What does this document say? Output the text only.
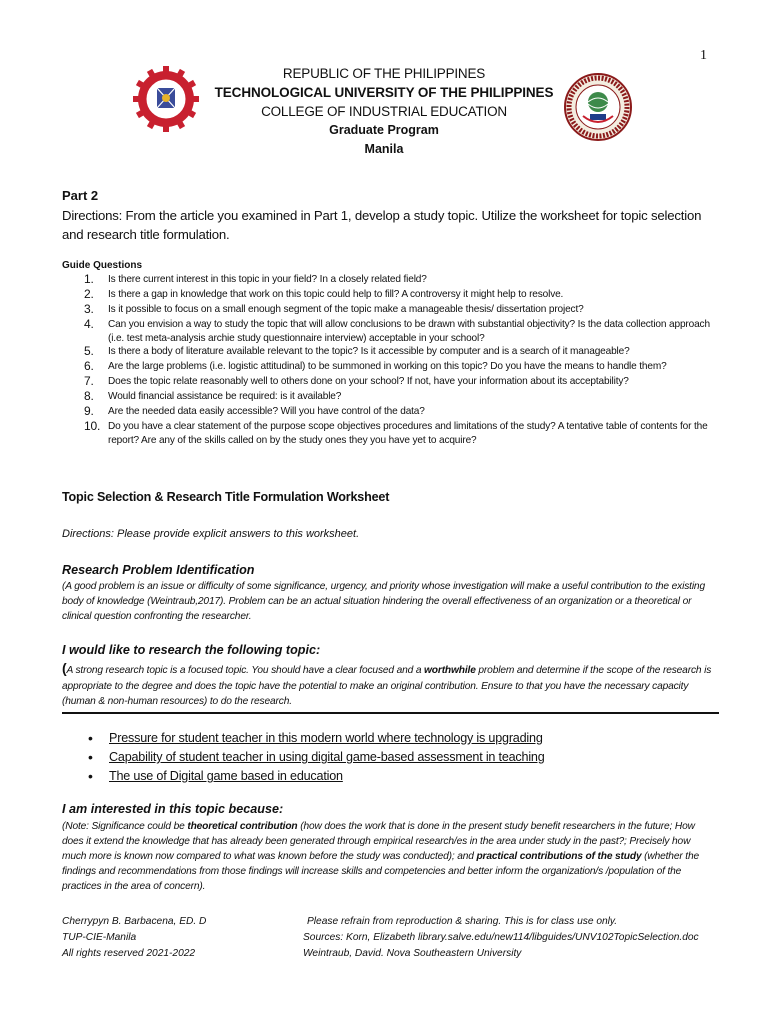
1
REPUBLIC OF THE PHILIPPINES
TECHNOLOGICAL UNIVERSITY OF THE PHILIPPINES
COLLEGE OF INDUSTRIAL EDUCATION
Graduate Program
Manila
Part 2
Directions: From the article you examined in Part 1, develop a study topic. Utilize the worksheet for topic selection and research title formulation.
Guide Questions
1. Is there current interest in this topic in your field? In a closely related field?
2. Is there a gap in knowledge that work on this topic could help to fill? A controversy it might help to resolve.
3. Is it possible to focus on a small enough segment of the topic make a manageable thesis/ dissertation project?
4. Can you envision a way to study the topic that will allow conclusions to be drawn with substantial objectivity? Is the data collection approach (i.e. test meta-analysis archie study questionnaire interview) acceptable in your school?
5. Is there a body of literature available relevant to the topic? Is it accessible by computer and is a search of it manageable?
6. Are the large problems (i.e. logistic attitudinal) to be summoned in working on this topic? Do you have the means to handle them?
7. Does the topic relate reasonably well to others done on your school? If not, have your information about its acceptability?
8. Would financial assistance be required: is it available?
9. Are the needed data easily accessible? Will you have control of the data?
10. Do you have a clear statement of the purpose scope objectives procedures and limitations of the study? A tentative table of contents for the report? Are any of the skills called on by the study ones they you have yet to acquire?
Topic Selection & Research Title Formulation Worksheet
Directions: Please provide explicit answers to this worksheet.
Research Problem Identification
(A good problem is an issue or difficulty of some significance, urgency, and priority whose investigation will make a useful contribution to the existing body of knowledge (Weintraub,2017). Problem can be an actual situation hindering the overall effectiveness of an organization or a theoretical or clinical question confronting the researcher.
I would like to research the following topic:
(A strong research topic is a focused topic. You should have a clear focused and a worthwhile problem and determine if the scope of the research is appropriate to the degree and does the topic have the potential to make an original contribution. Ensure to that you have the necessary capacity (human & non-human resources) to do the research.
• Pressure for student teacher in this modern world where technology is upgrading
• Capability of student teacher in using digital game-based assessment in teaching
• The use of Digital game based in education
I am interested in this topic because:
(Note: Significance could be theoretical contribution (how does the work that is done in the present study benefit researchers in the future; How does it extend the knowledge that has already been generated through empirical research/es in the area under study in the past?; Precisely how much more is known now compared to what was known before the study was conducted); and practical contributions of the study (whether the findings and recommendations from those findings will increase skills and competencies and better inform the organization/s /population of the practices in the area of concern).
Cherrypyn B. Barbacena, ED. D
TUP-CIE-Manila
All rights reserved 2021-2022
Please refrain from reproduction & sharing. This is for class use only.
Sources: Korn, Elizabeth library.salve.edu/new114/libguides/UNV102TopicSelection.doc
Weintraub, David. Nova Southeastern University
